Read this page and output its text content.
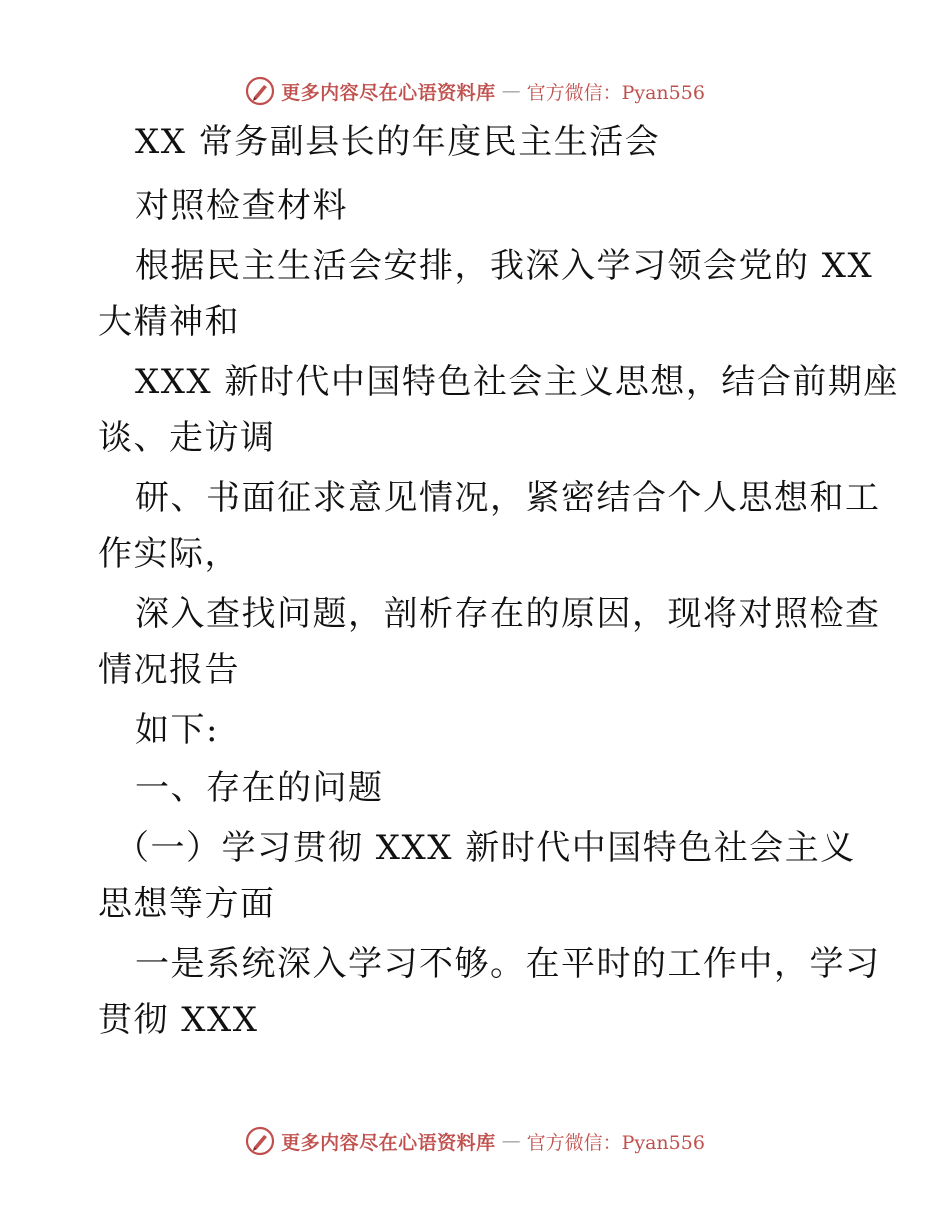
更多内容尽在心语资料库 — 官方微信：Pyan556
XX 常务副县长的年度民主生活会
对照检查材料
根据民主生活会安排，我深入学习领会党的 XX
大精神和
XXX 新时代中国特色社会主义思想，结合前期座
谈、走访调
研、书面征求意见情况，紧密结合个人思想和工
作实际，
深入查找问题，剖析存在的原因，现将对照检查
情况报告
如下:
一、存在的问题
（一）学习贯彻 XXX 新时代中国特色社会主义
思想等方面
一是系统深入学习不够。在平时的工作中，学习
贯彻 XXX
更多内容尽在心语资料库 — 官方微信：Pyan556
